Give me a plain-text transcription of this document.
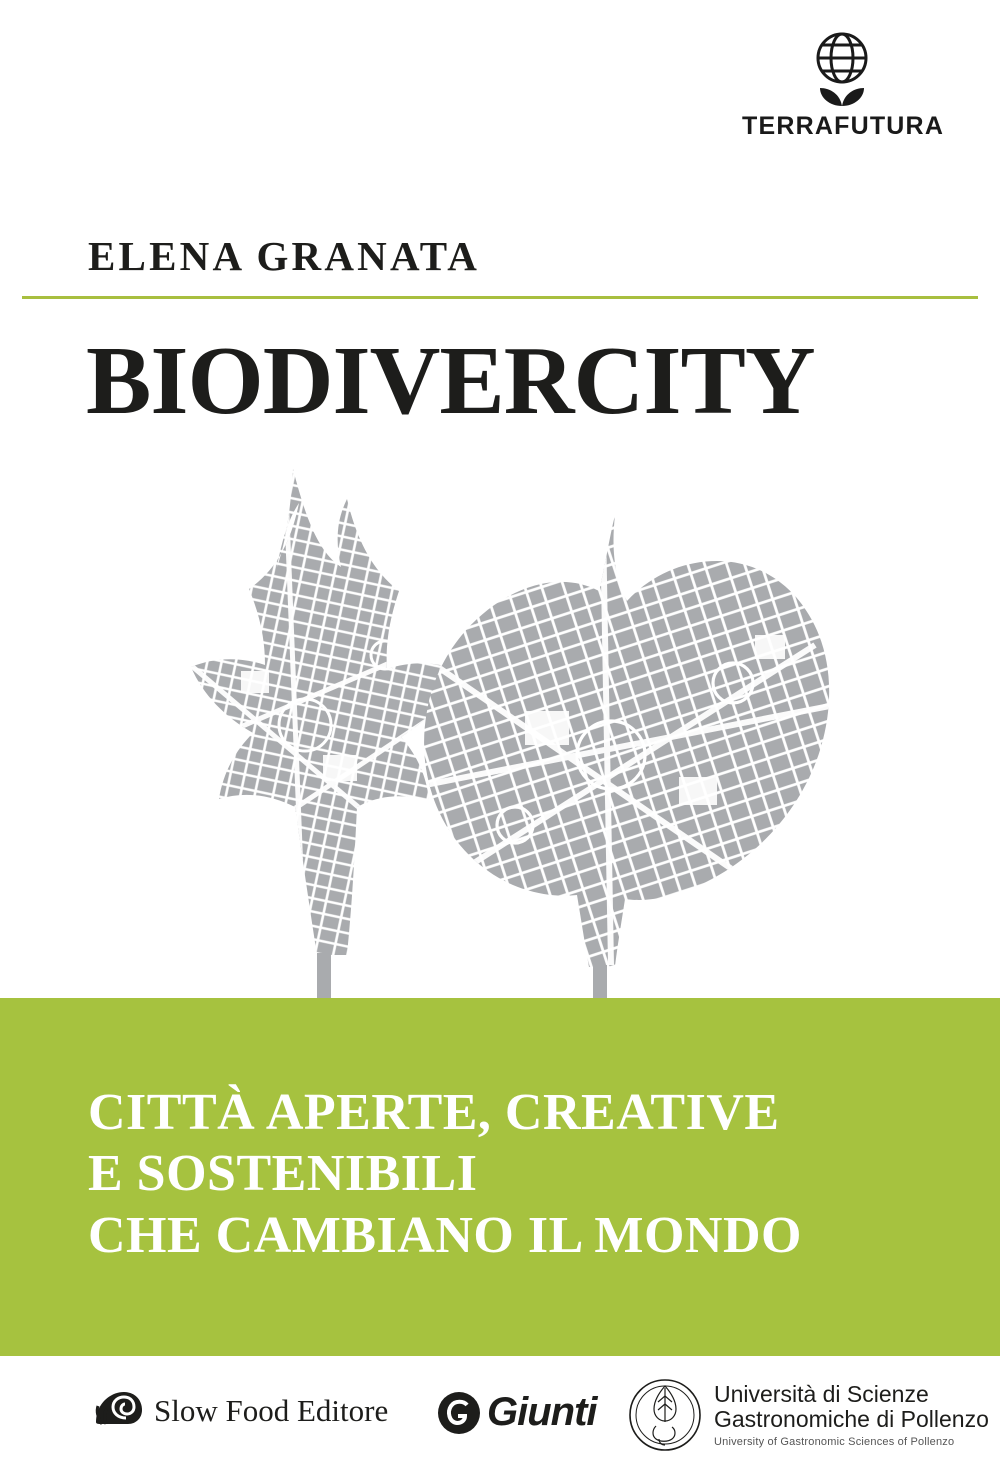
TERRAFUTURA
ELENA GRANATA
BIODIVERCITY
CITTÀ APERTE, CREATIVE
E SOSTENIBILI
CHE CAMBIANO IL MONDO
Slow Food Editore Giunti	Università di Scienze
Gastronomiche di Pollenzo
University of Gastronomic Sciences of Pollenzo
